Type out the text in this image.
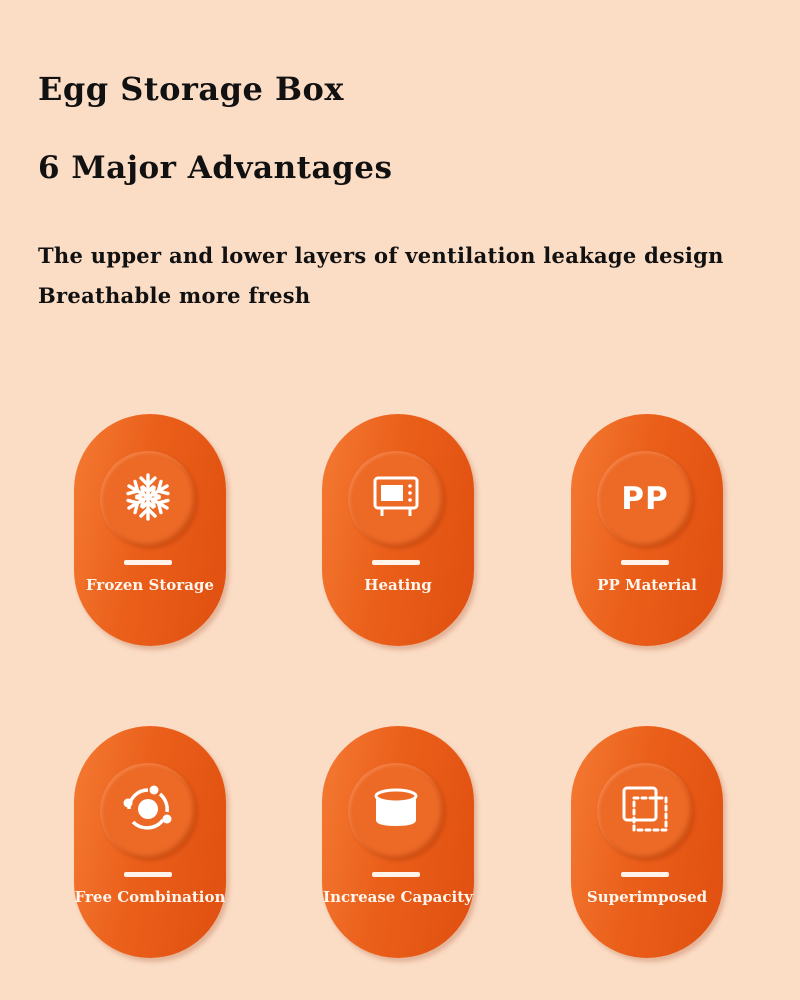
Egg Storage Box
6 Major Advantages
The upper and lower layers of ventilation leakage design
Breathable more fresh
Frozen Storage	Heating
PP
PP Material
Free Combination	Increase Capacity	Superimposed
